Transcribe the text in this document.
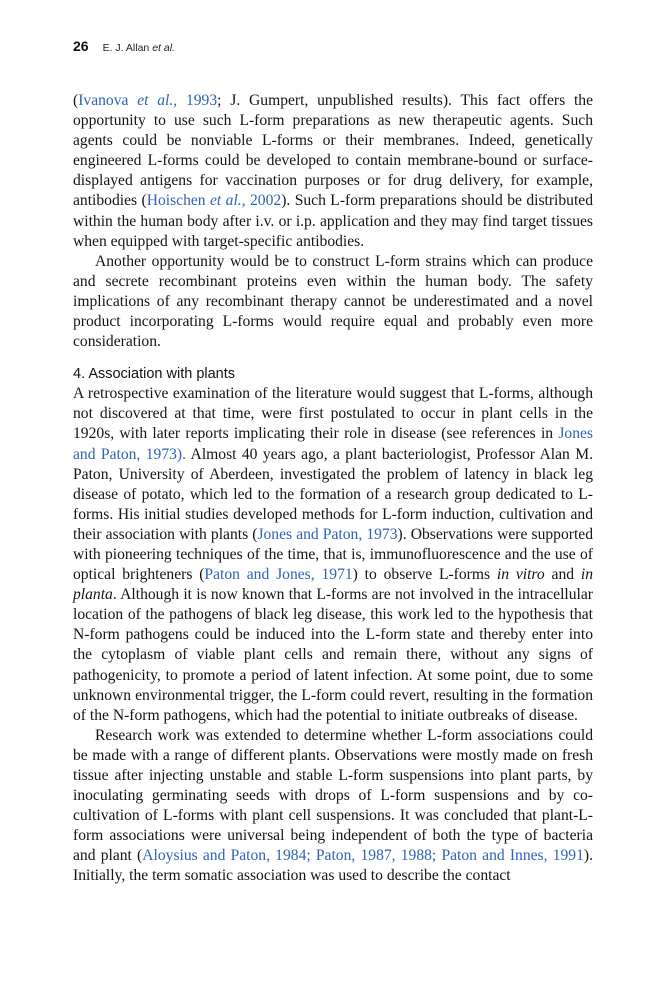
26 E. J. Allan et al.

(Ivanova et al., 1993; J. Gumpert, unpublished results). This fact offers the opportunity to use such L-form preparations as new therapeutic agents. Such agents could be nonviable L-forms or their membranes. Indeed, genetically engineered L-forms could be developed to contain membrane-bound or surface-displayed antigens for vaccination purposes or for drug delivery, for example, antibodies (Hoischen et al., 2002). Such L-form preparations should be distributed within the human body after i.v. or i.p. application and they may find target tissues when equipped with target-specific antibodies.

Another opportunity would be to construct L-form strains which can produce and secrete recombinant proteins even within the human body. The safety implications of any recombinant therapy cannot be underestimated and a novel product incorporating L-forms would require equal and probably even more consideration.

4. Association with plants

A retrospective examination of the literature would suggest that L-forms, although not discovered at that time, were first postulated to occur in plant cells in the 1920s, with later reports implicating their role in disease (see references in Jones and Paton, 1973). Almost 40 years ago, a plant bacteriologist, Professor Alan M. Paton, University of Aberdeen, investigated the problem of latency in black leg disease of potato, which led to the formation of a research group dedicated to L-forms. His initial studies developed methods for L-form induction, cultivation and their association with plants (Jones and Paton, 1973). Observations were supported with pioneering techniques of the time, that is, immunofluorescence and the use of optical brighteners (Paton and Jones, 1971) to observe L-forms in vitro and in planta. Although it is now known that L-forms are not involved in the intracellular location of the pathogens of black leg disease, this work led to the hypothesis that N-form pathogens could be induced into the L-form state and thereby enter into the cytoplasm of viable plant cells and remain there, without any signs of pathogenicity, to promote a period of latent infection. At some point, due to some unknown environmental trigger, the L-form could revert, resulting in the formation of the N-form pathogens, which had the potential to initiate outbreaks of disease.

Research work was extended to determine whether L-form associations could be made with a range of different plants. Observations were mostly made on fresh tissue after injecting unstable and stable L-form suspensions into plant parts, by inoculating germinating seeds with drops of L-form suspensions and by co-cultivation of L-forms with plant cell suspensions. It was concluded that plant-L-form associations were universal being independent of both the type of bacteria and plant (Aloysius and Paton, 1984; Paton, 1987, 1988; Paton and Innes, 1991). Initially, the term somatic association was used to describe the contact
